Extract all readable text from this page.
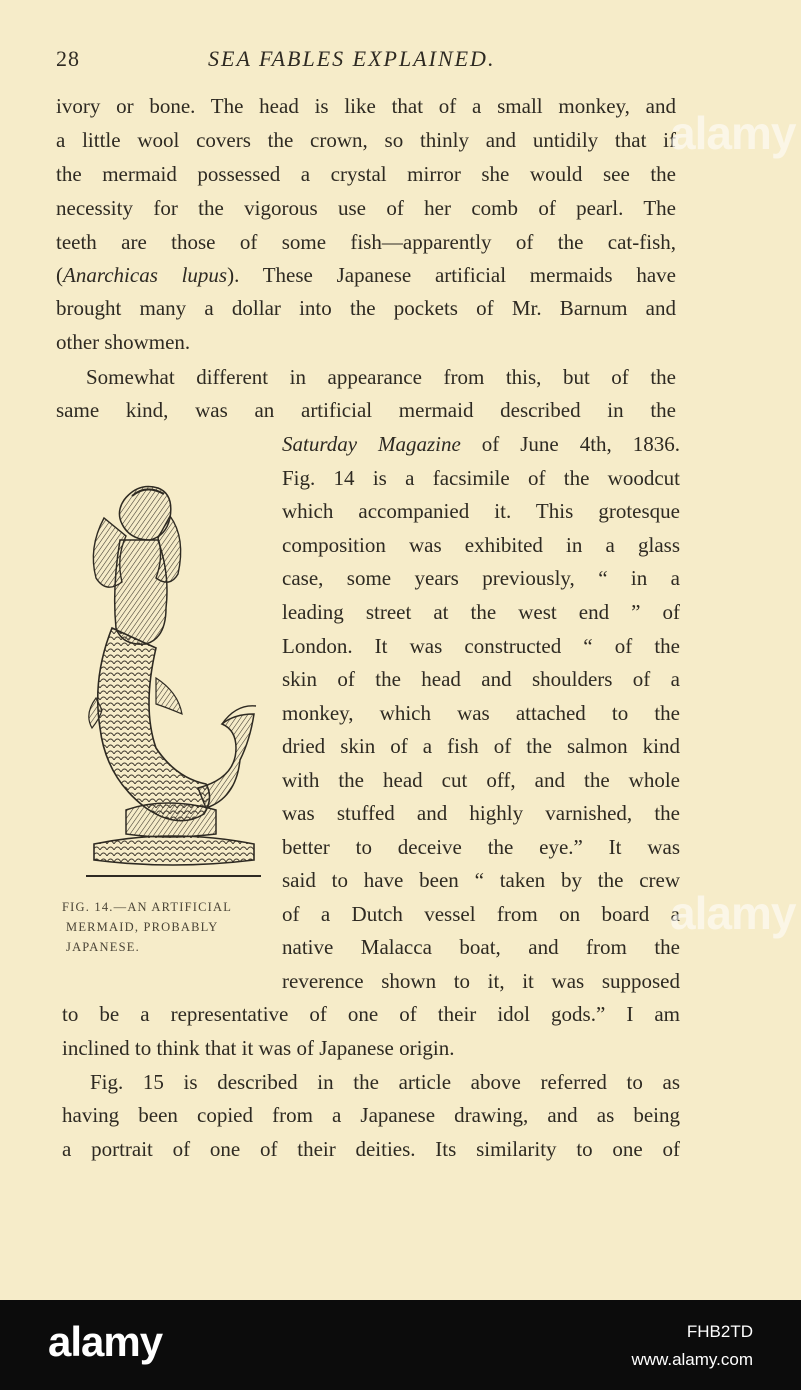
28	SEA FABLES EXPLAINED.
ivory or bone. The head is like that of a small monkey, and
a little wool covers the crown, so thinly and untidily that if
the mermaid possessed a crystal mirror she would see the
necessity for the vigorous use of her comb of pearl. The
teeth are those of some fish—apparently of the cat-fish,
(Anarchicas lupus). These Japanese artificial mermaids have
brought many a dollar into the pockets of Mr. Barnum and
other showmen.
Somewhat different in appearance from this, but of the
same kind, was an artificial mermaid described in the
Saturday Magazine of June 4th, 1836.
Fig. 14 is a facsimile of the woodcut
which accompanied it. This grotesque
composition was exhibited in a glass
case, some years previously, “ in a
leading street at the west end ” of
London. It was constructed “ of the
skin of the head and shoulders of a
monkey, which was attached to the
dried skin of a fish of the salmon kind
with the head cut off, and the whole
was stuffed and highly varnished, the
better to deceive the eye.” It was
said to have been “ taken by the crew
of a Dutch vessel from on board a
native Malacca boat, and from the
reverence shown to it, it was supposed
FIG. 14.—AN ARTIFICIAL
MERMAID, PROBABLY
JAPANESE.
to be a representative of one of their idol gods.” I am
inclined to think that it was of Japanese origin.
Fig. 15 is described in the article above referred to as
having been copied from a Japanese drawing, and as being
a portrait of one of their deities. Its similarity to one of
alamy
alamy
alamy	FHB2TD
www.alamy.com
